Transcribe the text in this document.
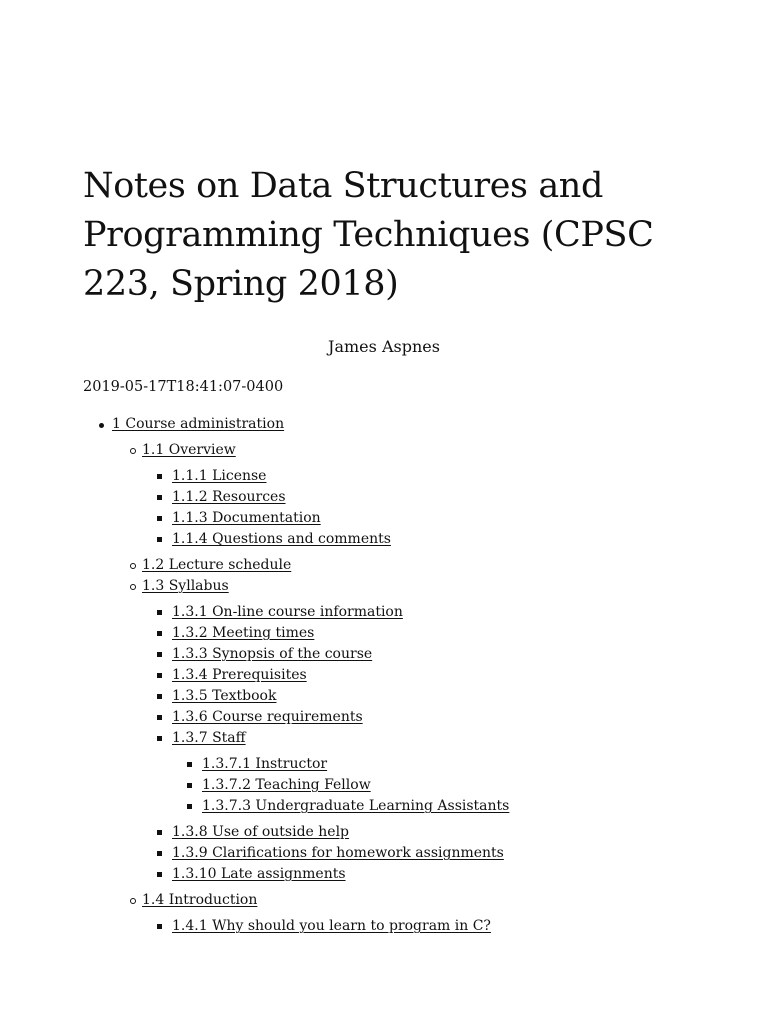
Notes on Data Structures and Programming Techniques (CPSC 223, Spring 2018)
James Aspnes
2019-05-17T18:41:07-0400
1 Course administration
1.1 Overview
1.1.1 License
1.1.2 Resources
1.1.3 Documentation
1.1.4 Questions and comments
1.2 Lecture schedule
1.3 Syllabus
1.3.1 On-line course information
1.3.2 Meeting times
1.3.3 Synopsis of the course
1.3.4 Prerequisites
1.3.5 Textbook
1.3.6 Course requirements
1.3.7 Staff
1.3.7.1 Instructor
1.3.7.2 Teaching Fellow
1.3.7.3 Undergraduate Learning Assistants
1.3.8 Use of outside help
1.3.9 Clarifications for homework assignments
1.3.10 Late assignments
1.4 Introduction
1.4.1 Why should you learn to program in C?
